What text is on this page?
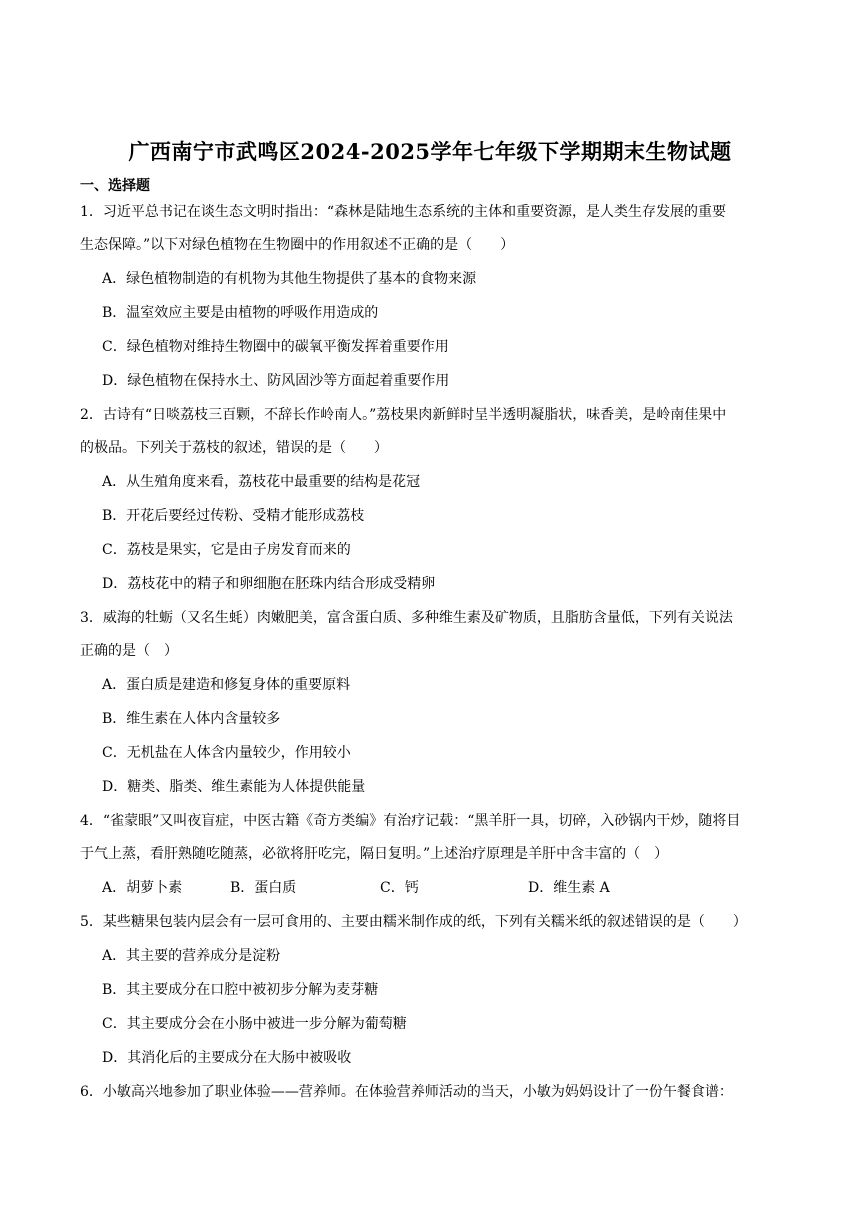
广西南宁市武鸣区2024-2025学年七年级下学期期末生物试题
一、选择题
1．习近平总书记在谈生态文明时指出：“森林是陆地生态系统的主体和重要资源，是人类生存发展的重要
生态保障。”以下对绿色植物在生物圈中的作用叙述不正确的是（　　）
A．绿色植物制造的有机物为其他生物提供了基本的食物来源
B．温室效应主要是由植物的呼吸作用造成的
C．绿色植物对维持生物圈中的碳氧平衡发挥着重要作用
D．绿色植物在保持水土、防风固沙等方面起着重要作用
2．古诗有“日啖荔枝三百颗，不辞长作岭南人。”荔枝果肉新鲜时呈半透明凝脂状，味香美，是岭南佳果中
的极品。下列关于荔枝的叙述，错误的是（　　）
A．从生殖角度来看，荔枝花中最重要的结构是花冠
B．开花后要经过传粉、受精才能形成荔枝
C．荔枝是果实，它是由子房发育而来的
D．荔枝花中的精子和卵细胞在胚珠内结合形成受精卵
3．威海的牡蛎（又名生蚝）肉嫩肥美，富含蛋白质、多种维生素及矿物质，且脂肪含量低，下列有关说法
正确的是（　）
A．蛋白质是建造和修复身体的重要原料
B．维生素在人体内含量较多
C．无机盐在人体含内量较少，作用较小
D．糖类、脂类、维生素能为人体提供能量
4．“雀蒙眼”又叫夜盲症，中医古籍《奇方类编》有治疗记载：“黑羊肝一具，切碎，入砂锅内干炒，随将目
于气上蒸，看肝熟随吃随蒸，必欲将肝吃完，隔日复明。”上述治疗原理是羊肝中含丰富的（　）
A．胡萝卜素	B．蛋白质	C．钙	D．维生素 A
5．某些糖果包装内层会有一层可食用的、主要由糯米制作成的纸，下列有关糯米纸的叙述错误的是（　　）
A．其主要的营养成分是淀粉
B．其主要成分在口腔中被初步分解为麦芽糖
C．其主要成分会在小肠中被进一步分解为葡萄糖
D．其消化后的主要成分在大肠中被吸收
6．小敏高兴地参加了职业体验——营养师。在体验营养师活动的当天，小敏为妈妈设计了一份午餐食谱：
